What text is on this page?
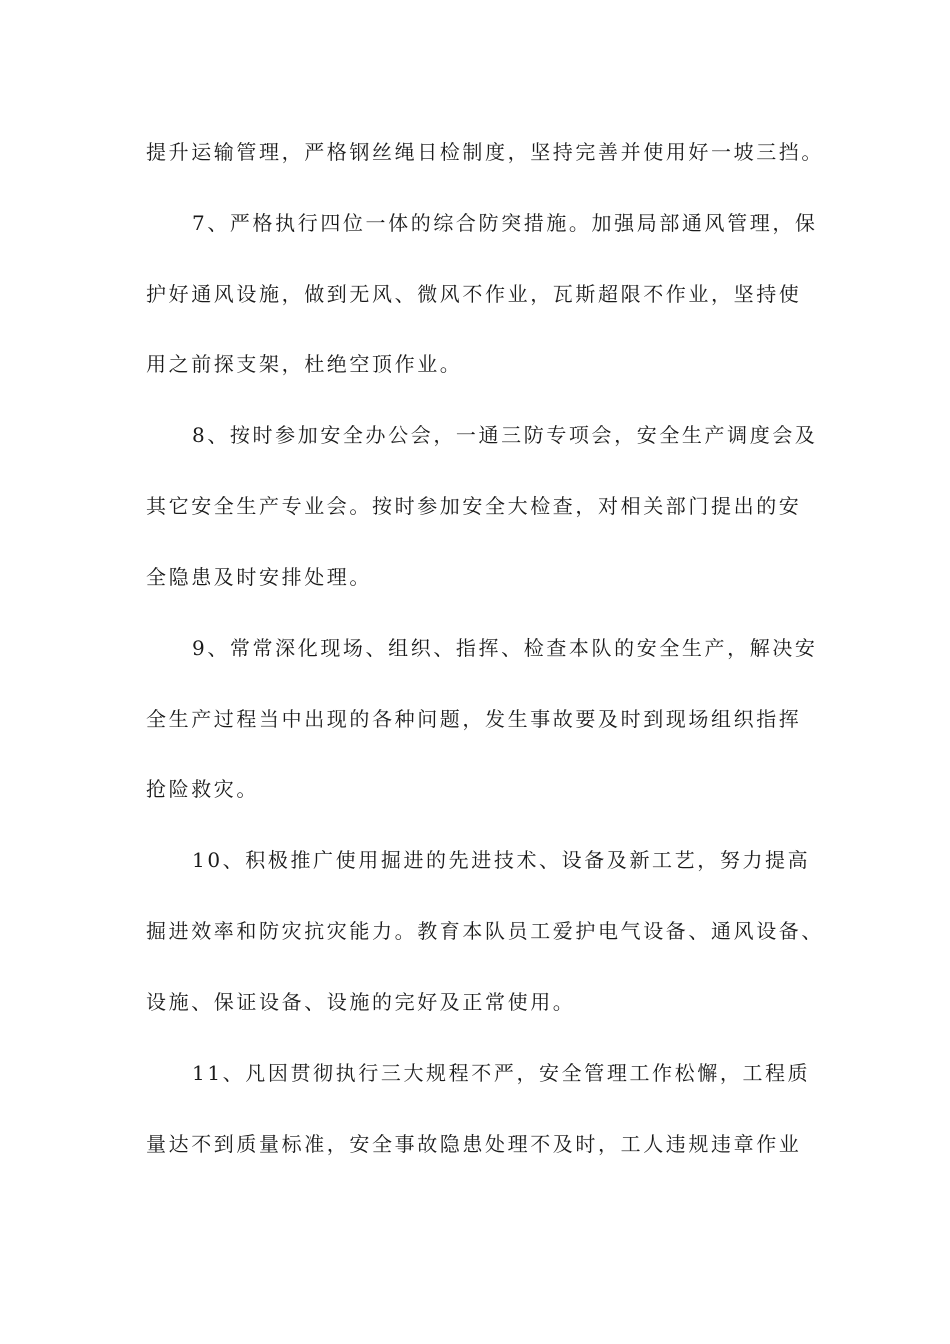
提升运输管理，严格钢丝绳日检制度，坚持完善并使用好一坡三挡。
7、严格执行四位一体的综合防突措施。加强局部通风管理，保
护好通风设施，做到无风、微风不作业，瓦斯超限不作业，坚持使
用之前探支架，杜绝空顶作业。
8、按时参加安全办公会，一通三防专项会，安全生产调度会及
其它安全生产专业会。按时参加安全大检查，对相关部门提出的安
全隐患及时安排处理。
9、常常深化现场、组织、指挥、检查本队的安全生产，解决安
全生产过程当中出现的各种问题，发生事故要及时到现场组织指挥
抢险救灾。
10、积极推广使用掘进的先进技术、设备及新工艺，努力提高
掘进效率和防灾抗灾能力。教育本队员工爱护电气设备、通风设备、
设施、保证设备、设施的完好及正常使用。
11、凡因贯彻执行三大规程不严，安全管理工作松懈，工程质
量达不到质量标准，安全事故隐患处理不及时，工人违规违章作业
